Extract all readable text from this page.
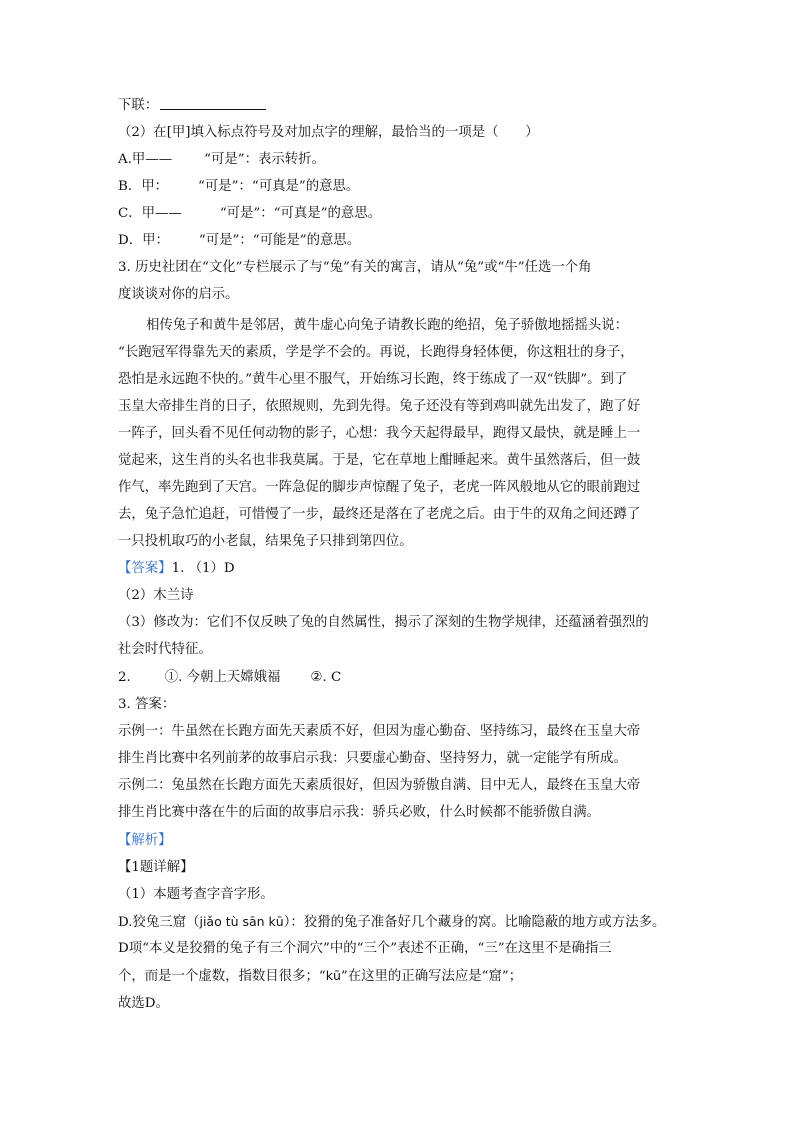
下联：
（2）在[甲]填入标点符号及对加点字的理解，最恰当的一项是（　　）
A.甲—— “可是”：表示转折。
B．甲： “可是”：“可真是”的意思。
C．甲——	“可是”：“可真是”的意思。
D．甲： “可是”：“可能是”的意思。
3. 历史社团在“文化”专栏展示了与“兔”有关的寓言，请从“兔”或“牛”任选一个角
度谈谈对你的启示。
相传兔子和黄牛是邻居，黄牛虚心向兔子请教长跑的绝招，兔子骄傲地摇摇头说：
“长跑冠军得靠先天的素质，学是学不会的。再说，长跑得身轻体便，你这粗壮的身子，
恐怕是永远跑不快的。”黄牛心里不服气，开始练习长跑，终于练成了一双“铁脚”。到了
玉皇大帝排生肖的日子，依照规则，先到先得。兔子还没有等到鸡叫就先出发了，跑了好
一阵子，回头看不见任何动物的影子，心想：我今天起得最早，跑得又最快，就是睡上一
觉起来，这生肖的头名也非我莫属。于是，它在草地上酣睡起来。黄牛虽然落后，但一鼓
作气，率先跑到了天宫。一阵急促的脚步声惊醒了兔子，老虎一阵风般地从它的眼前跑过
去，兔子急忙追赶，可惜慢了一步，最终还是落在了老虎之后。由于牛的双角之间还蹲了
一只投机取巧的小老鼠，结果兔子只排到第四位。
【答案】1. （1）D
（2）木兰诗
（3）修改为：它们不仅反映了兔的自然属性，揭示了深刻的生物学规律，还蕴涵着强烈的
社会时代特征。
2.	①. 今朝上天嫦娥福 ②. C
3. 答案：
示例一：牛虽然在长跑方面先天素质不好，但因为虚心勤奋、坚持练习，最终在玉皇大帝
排生肖比赛中名列前茅的故事启示我：只要虚心勤奋、坚持努力，就一定能学有所成。
示例二：兔虽然在长跑方面先天素质很好，但因为骄傲自满、目中无人，最终在玉皇大帝
排生肖比赛中落在牛的后面的故事启示我：骄兵必败，什么时候都不能骄傲自满。
【解析】
【1题详解】
（1）本题考查字音字形。
D.狡兔三窟（jiǎo tù sān kū）：狡猾的兔子准备好几个藏身的窝。比喻隐蔽的地方或方法多。
D项“本义是狡猾的兔子有三个洞穴”中的“三个”表述不正确，“三”在这里不是确指三
个，而是一个虚数，指数目很多；“kū”在这里的正确写法应是“窟”；
故选D。
